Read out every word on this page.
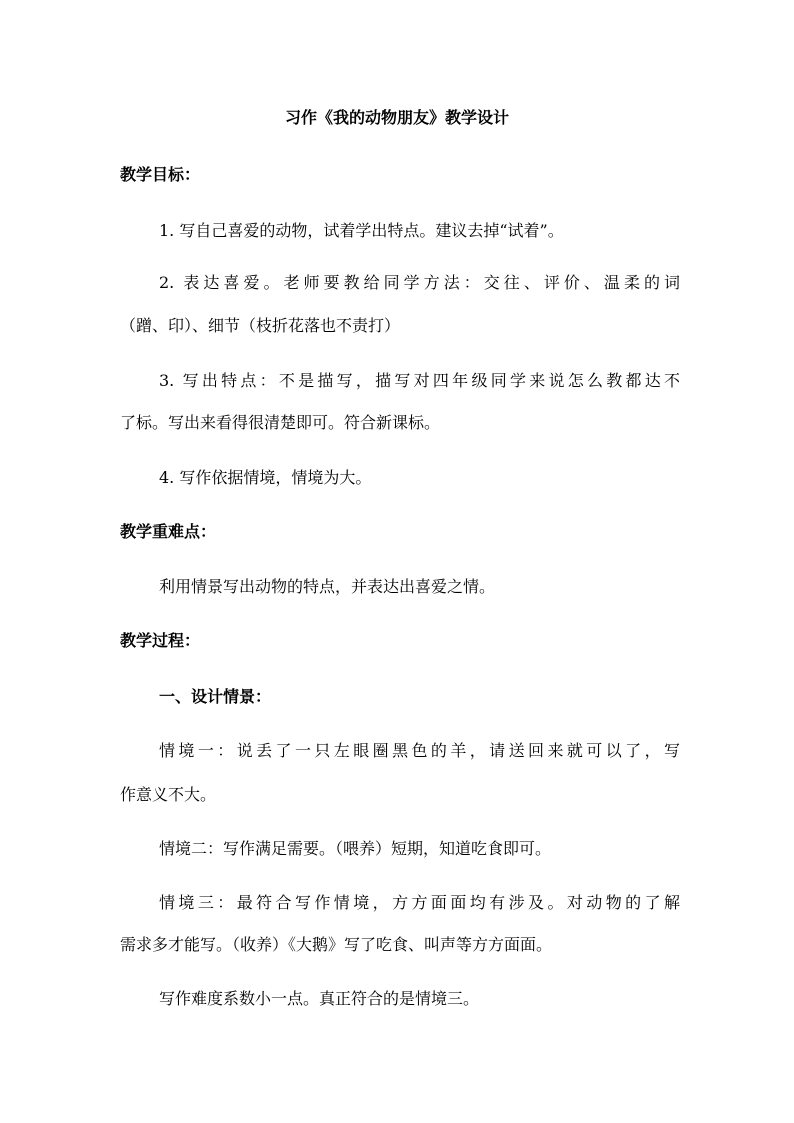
习作《我的动物朋友》教学设计
教学目标：
1. 写自己喜爱的动物，试着学出特点。建议去掉“试着”。
2. 表达喜爱。老师要教给同学方法：交往、评价、温柔的词
（蹭、印）、细节（枝折花落也不责打）
3. 写出特点：不是描写，描写对四年级同学来说怎么教都达不
了标。写出来看得很清楚即可。符合新课标。
4. 写作依据情境，情境为大。
教学重难点：
利用情景写出动物的特点，并表达出喜爱之情。
教学过程：
一、设计情景：
情境一：说丢了一只左眼圈黑色的羊，请送回来就可以了，写
作意义不大。
情境二：写作满足需要。（喂养）短期，知道吃食即可。
情境三：最符合写作情境，方方面面均有涉及。对动物的了解
需求多才能写。（收养）《大鹅》写了吃食、叫声等方方面面。
写作难度系数小一点。真正符合的是情境三。
